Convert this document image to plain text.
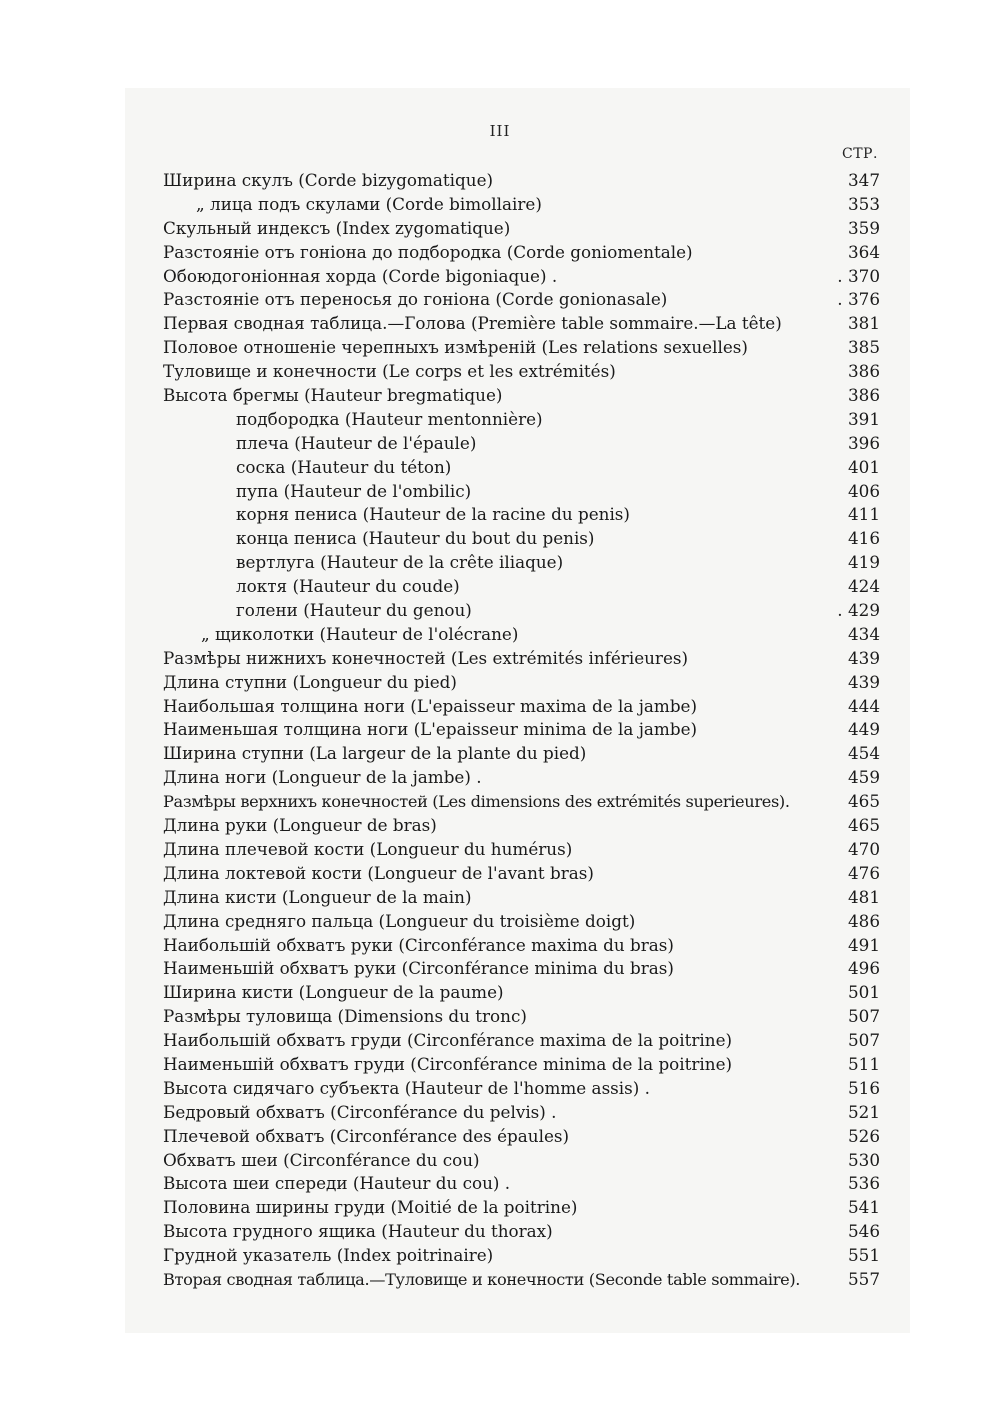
III
СТР.
Ширина скулъ (Corde bizygomatique)	347
„ лица подъ скулами (Corde bimollaire)	353
Скульный индексъ (Index zygomatique)	359
Разстояніе отъ гоніона до подбородка (Corde goniomentale)	364
Обоюдогоніонная хорда (Corde bigoniaque) .	. 370
Разстояніе отъ переносья до гоніона (Corde gonionasale)	. 376
Первая сводная таблица.—Голова (Première table sommaire.—La tête)	381
Половое отношеніе черепныхъ измѣреній (Les relations sexuelles)	385
Туловище и конечности (Le corps et les extrémités)	386
Высота брегмы (Hauteur bregmatique)	386
подбородка (Hauteur mentonnière)	391
плеча (Hauteur de l'épaule)	396
соска (Hauteur du téton)	401
пупа (Hauteur de l'ombilic)	406
корня пениса (Hauteur de la racine du penis)	411
конца пениса (Hauteur du bout du penis)	416
вертлуга (Hauteur de la crête iliaque)	419
локтя (Hauteur du coude)	424
голени (Hauteur du genou)	. 429
„ щиколотки (Hauteur de l'olécrane)	434
Размѣры нижнихъ конечностей (Les extrémités inférieures)	439
Длина ступни (Longueur du pied)	439
Наибольшая толщина ноги (L'epaisseur maxima de la jambe)	444
Наименьшая толщина ноги (L'epaisseur minima de la jambe)	449
Ширина ступни (La largeur de la plante du pied)	454
Длина ноги (Longueur de la jambe) .	459
Размѣры верхнихъ конечностей (Les dimensions des extrémités superieures).	465
Длина руки (Longueur de bras)	465
Длина плечевой кости (Longueur du humérus)	470
Длина локтевой кости (Longueur de l'avant bras)	476
Длина кисти (Longueur de la main)	481
Длина средняго пальца (Longueur du troisième doigt)	486
Наибольшій обхватъ руки (Circonférance maxima du bras)	491
Наименьшій обхватъ руки (Circonférance minima du bras)	496
Ширина кисти (Longueur de la paume)	501
Размѣры туловища (Dimensions du tronc)	507
Наибольшій обхватъ груди (Circonférance maxima de la poitrine)	507
Наименьшій обхватъ груди (Circonférance minima de la poitrine)	511
Высота сидячаго субъекта (Hauteur de l'homme assis) .	516
Бедровый обхватъ (Circonférance du pelvis) .	521
Плечевой обхватъ (Circonférance des épaules)	526
Обхватъ шеи (Circonférance du cou)	530
Высота шеи спереди (Hauteur du cou) .	536
Половина ширины груди (Moitié de la poitrine)	541
Высота грудного ящика (Hauteur du thorax)	546
Грудной указатель (Index poitrinaire)	551
Вторая сводная таблица.—Туловище и конечности (Seconde table sommaire).	557
